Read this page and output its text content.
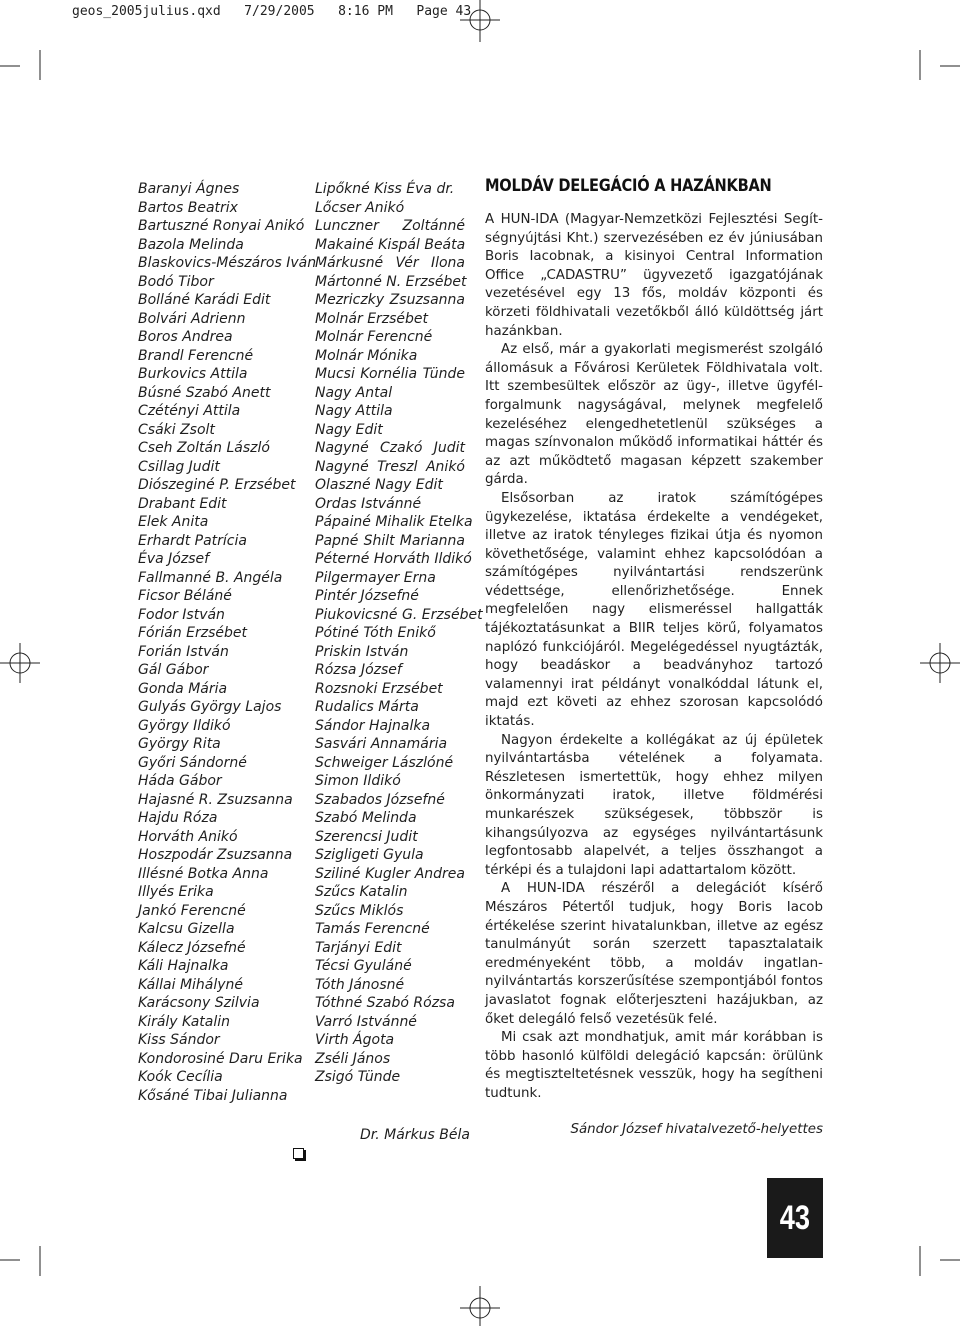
geos_2005julius.qxd   7/29/2005   8:16 PM   Page 43
Baranyi Ágnes
Bartos Beatrix
Bartuszné Ronyai Anikó
Bazola Melinda
Blaskovics-Mészáros Iván
Bodó Tibor
Bolláné Karádi Edit
Bolvári Adrienn
Boros Andrea
Brandl Ferencné
Burkovics Attila
Búsné Szabó Anett
Czétényi Attila
Csáki Zsolt
Cseh Zoltán László
Csillag Judit
Diószeginé P. Erzsébet
Drabant Edit
Elek Anita
Erhardt Patrícia
Éva József
Fallmanné B. Angéla
Ficsor Béláné
Fodor István
Fórián Erzsébet
Forián István
Gál Gábor
Gonda Mária
Gulyás György Lajos
György Ildikó
György Rita
Győri Sándorné
Háda Gábor
Hajasné R. Zsuzsanna
Hajdu Róza
Horváth Anikó
Hoszpodár Zsuzsanna
Illésné Botka Anna
Illyés Erika
Jankó Ferencné
Kalcsu Gizella
Kálecz Józsefné
Káli Hajnalka
Kállai Mihályné
Karácsony Szilvia
Király Katalin
Kiss Sándor
Kondorosiné Daru Erika
Koók Cecília
Kősáné Tibai Julianna
Lipőkné Kiss Éva dr.
Lőcser Anikó
Lunczner Zoltánné
Makainé Kispál Beáta
Márkusné Vér Ilona
Mártonné N. Erzsébet
Mezriczky Zsuzsanna
Molnár Erzsébet
Molnár Ferencné
Molnár Mónika
Mucsi Kornélia Tünde
Nagy Antal
Nagy Attila
Nagy Edit
Nagyné Czakó Judit
Nagyné Treszl Anikó
Olaszné Nagy Edit
Ordas Istvánné
Pápainé Mihalik Etelka
Papné Shilt Marianna
Péterné Horváth Ildikó
Pilgermayer Erna
Pintér Józsefné
Piukovicsné G. Erzsébet
Pótiné Tóth Enikő
Priskin István
Rózsa József
Rozsnoki Erzsébet
Rudalics Márta
Sándor Hajnalka
Sasvári Annamária
Schweiger Lászlóné
Simon Ildikó
Szabados Józsefné
Szabó Melinda
Szerencsi Judit
Szigligeti Gyula
Sziliné Kugler Andrea
Szűcs Katalin
Szűcs Miklós
Tamás Ferencné
Tarjányi Edit
Técsi Gyuláné
Tóth Jánosné
Tóthné Szabó Rózsa
Varró Istvánné
Virth Ágota
Zséli János
Zsigó Tünde
Dr. Márkus Béla
MOLDÁV DELEGÁCIÓ A HAZÁNKBAN

A HUN-IDA (Magyar-Nemzetközi Fejlesztési Segítségnyújtási Kht.) szervezésében ez év júniusában Boris Iacobnak, a kisinyoi Central Information Office „CADASTRU” ügyvezető igazgatójának vezetésével egy 13 fős, moldáv központi és körzeti földhivatali vezetőkből álló küldöttség járt hazánkban.

Az első, már a gyakorlati megismerést szolgáló állomásuk a Fővárosi Kerületek Földhivatala volt. Itt szembesültek először az ügy-, illetve ügyfél-forgalmunk nagyságával, melynek megfelelő kezeléséhez elengedhetetlenül szükséges a magas színvonalon működő informatikai háttér és az azt működtető magasan képzett szakember gárda.

Elsősorban az iratok számítógépes ügykezelése, iktatása érdekelte a vendégeket, illetve az iratok tényleges fizikai útja és nyomon követhetősége, valamint ehhez kapcsolódóan a számítógépes nyilvántartási rendszerünk védettsége, ellenőrizhetősége. Ennek megfelelően nagy elismeréssel hallgatták tájékoztatásunkat a BIIR teljes körű, folyamatos naplózó funkciójáról. Megelégedéssel nyugtázták, hogy beadáskor a beadványhoz tartozó valamennyi irat példányt vonalkóddal látunk el, majd ezt követi az ehhez szorosan kapcsolódó iktatás.

Nagyon érdekelte a kollégákat az új épületek nyilvántartásba vételének a folyamata. Részletesen ismertettük, hogy ehhez milyen önkormányzati iratok, illetve földmérési munkarészek szükségesek, többször is kihangsúlyozva az egységes nyilvántartásunk legfontosabb alapelvét, a teljes összhangot a térképi és a tulajdoni lapi adattartalom között.

A HUN-IDA részéről a delegációt kísérő Mészáros Pétertől tudjuk, hogy Boris Iacob értékelése szerint hivatalunkban, illetve az egész tanulmányút során szerzett tapasztalataik eredményeként több, a moldáv ingatlan-nyilvántartás korszerűsítése szempontjából fontos javaslatot fognak előterjeszteni hazájukban, az őket delegáló felső vezetésük felé.

Mi csak azt mondhatjuk, amit már korábban is több hasonló külföldi delegáció kapcsán: örülünk és megtiszteltetésnek vesszük, hogy ha segítheni tudtunk.

Sándor József hivatalvezető-helyettes
43
